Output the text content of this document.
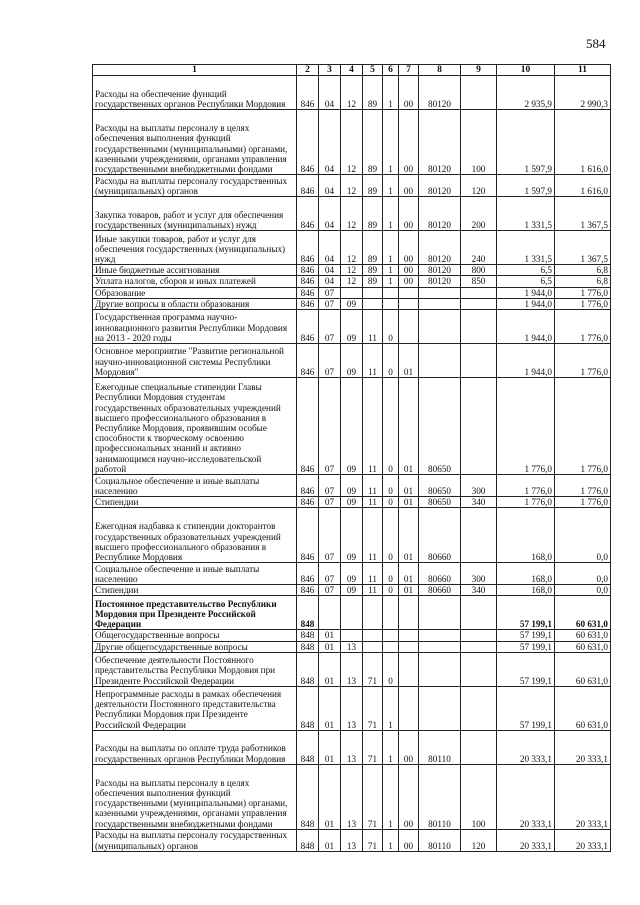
584
1	2	3	4	5	6	7	8	9	10	11
Расходы на обеспечение функций государственных органов Республики Мордовия	846	04	12	89	1	00	80120		2 935,9	2 990,3
Расходы на выплаты персоналу в целях обеспечения выполнения функций государственными (муниципальными) органами, казенными учреждениями, органами управления государственными внебюджетными фондами	846	04	12	89	1	00	80120	100	1 597,9	1 616,0
Расходы на выплаты персоналу государственных (муниципальных) органов	846	04	12	89	1	00	80120	120	1 597,9	1 616,0
Закупка товаров, работ и услуг для обеспечения государственных (муниципальных) нужд	846	04	12	89	1	00	80120	200	1 331,5	1 367,5
Иные закупки товаров, работ и услуг для обеспечения государственных (муниципальных) нужд	846	04	12	89	1	00	80120	240	1 331,5	1 367,5
Иные бюджетные ассигнования	846	04	12	89	1	00	80120	800	6,5	6,8
Уплата налогов, сборов и иных платежей	846	04	12	89	1	00	80120	850	6,5	6,8
Образование	846	07							1 944,0	1 776,0
Другие вопросы в области образования	846	07	09						1 944,0	1 776,0
Государственная программа научно-инновационного развития Республики Мордовия на 2013 - 2020 годы	846	07	09	11	0				1 944,0	1 776,0
Основное мероприятие "Развитие региональной научно-инновационной системы Республики Мордовия"	846	07	09	11	0	01			1 944,0	1 776,0
Ежегодные специальные стипендии Главы Республики Мордовия студентам государственных образовательных учреждений высшего профессионального образования в Республике Мордовия, проявившим особые способности к творческому освоению профессиональных знаний и активно занимающимся научно-исследовательской работой	846	07	09	11	0	01	80650		1 776,0	1 776,0
Социальное обеспечение и иные выплаты населению	846	07	09	11	0	01	80650	300	1 776,0	1 776,0
Стипендии	846	07	09	11	0	01	80650	340	1 776,0	1 776,0
Ежегодная надбавка к стипендии докторантов государственных образовательных учреждений высшего профессионального образования в Республике Мордовия	846	07	09	11	0	01	80660		168,0	0,0
Социальное обеспечение и иные выплаты населению	846	07	09	11	0	01	80660	300	168,0	0,0
Стипендии	846	07	09	11	0	01	80660	340	168,0	0,0
Постоянное представительство Республики Мордовия при Президенте Российской Федерации	848								57 199,1	60 631,0
Общегосударственные вопросы	848	01							57 199,1	60 631,0
Другие общегосударственные вопросы	848	01	13						57 199,1	60 631,0
Обеспечение деятельности Постоянного представительства Республики Мордовия при Президенте Российской Федерации	848	01	13	71	0				57 199,1	60 631,0
Непрограммные расходы в рамках обеспечения деятельности Постоянного представительства Республики Мордовия при Президенте Российской Федерации	848	01	13	71	1				57 199,1	60 631,0
Расходы на выплаты по оплате труда работников государственных органов Республики Мордовия	848	01	13	71	1	00	80110		20 333,1	20 333,1
Расходы на выплаты персоналу в целях обеспечения выполнения функций государственными (муниципальными) органами, казенными учреждениями, органами управления государственными внебюджетными фондами	848	01	13	71	1	00	80110	100	20 333,1	20 333,1
Расходы на выплаты персоналу государственных (муниципальных) органов	848	01	13	71	1	00	80110	120	20 333,1	20 333,1
